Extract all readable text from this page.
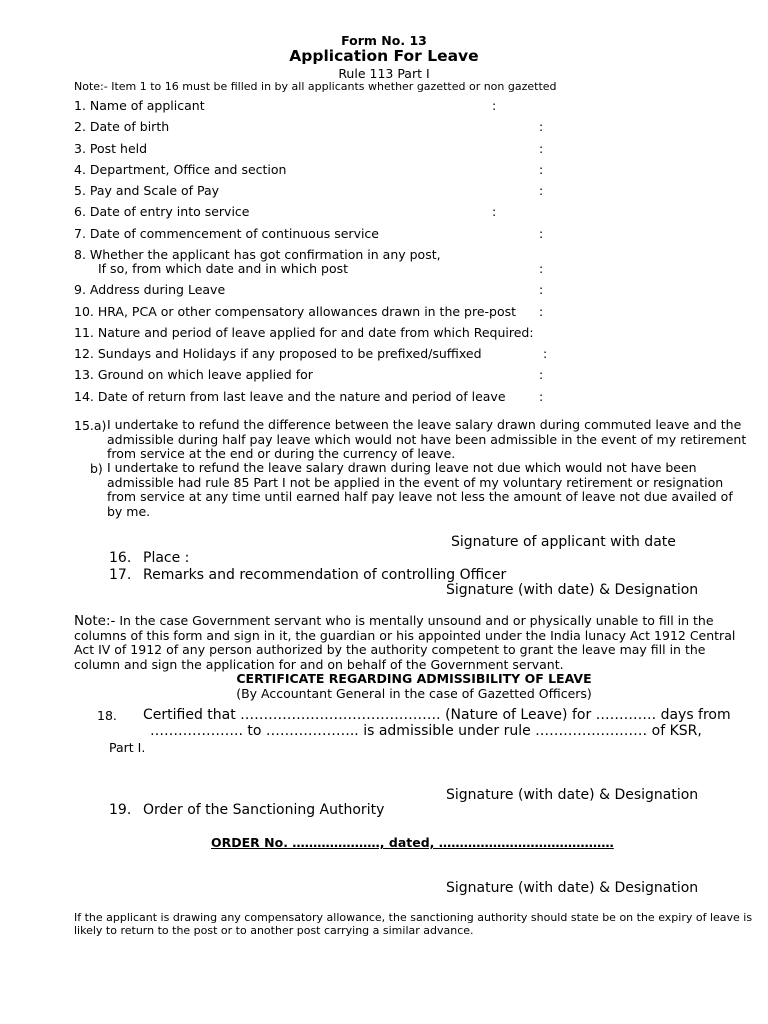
Form No. 13
Application For Leave
Rule 113 Part I
Note:- Item 1 to 16 must be filled in by all applicants whether gazetted or non gazetted
1. Name of applicant	:
2. Date of birth	:
3. Post held	:
4. Department, Office and section	:
5. Pay and Scale of Pay	:
6. Date of entry into service	:
7. Date of commencement of continuous service	:
8. Whether the applicant has got confirmation in any post,
If so, from which date and in which post	:
9. Address during Leave	:
10. HRA, PCA or other compensatory allowances drawn in the pre-post :
11. Nature and period of leave applied for and date from which Required:
12. Sundays and Holidays if any proposed to be prefixed/suffixed	:
13. Ground on which leave applied for	:
14. Date of return from last leave and the nature and period of leave	:
15.a) I undertake to refund the difference between the leave salary drawn during commuted leave and the admissible during half pay leave which would not have been admissible in the event of my retirement from service at the end or during the currency of leave.
b) I undertake to refund the leave salary drawn during leave not due which would not have been admissible had rule 85 Part I not be applied in the event of my voluntary retirement or resignation from service at any time until earned half pay leave not less the amount of leave not due availed of by me.
Signature of applicant with date
16. Place :
17. Remarks and recommendation of controlling Officer
Signature (with date) & Designation
Note:- In the case Government servant who is mentally unsound and or physically unable to fill in the columns of this form and sign in it, the guardian or his appointed under the India lunacy Act 1912 Central Act IV of 1912 of any person authorized by the authority competent to grant the leave may fill in the column and sign the application for and on behalf of the Government servant.
CERTIFICATE REGARDING ADMISSIBILITY OF LEAVE
(By Accountant General in the case of Gazetted Officers)
18. Certified that ……………………………………. (Nature of Leave) for …………. days from
……………….. to ……………….. is admissible under rule …………………… of KSR,
Part I.
Signature (with date) & Designation
19. Order of the Sanctioning Authority
ORDER No. …………………, dated, ……………………………………
Signature (with date) & Designation
If the applicant is drawing any compensatory allowance, the sanctioning authority should state be on the expiry of leave is likely to return to the post or to another post carrying a similar advance.
